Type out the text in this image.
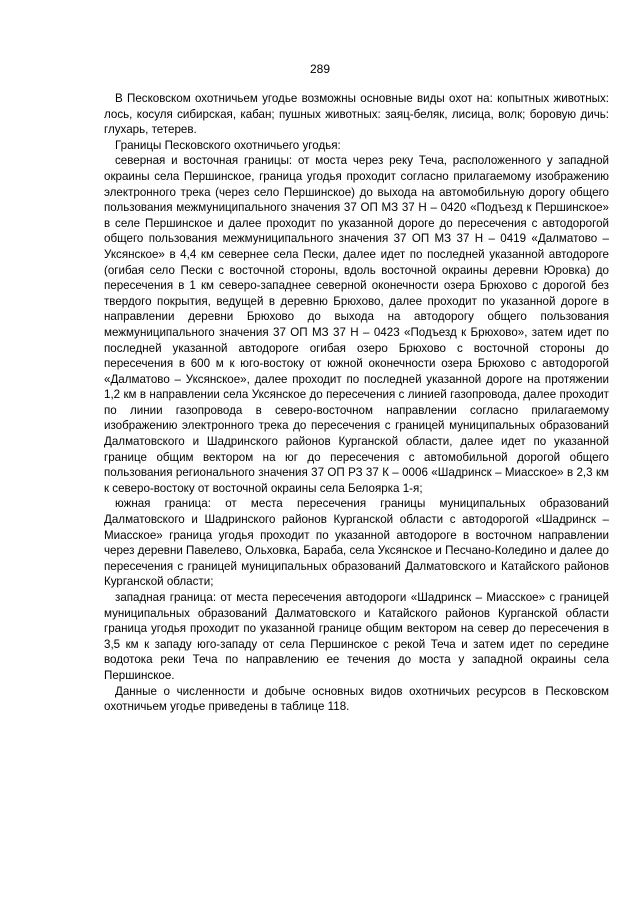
289

В Песковском охотничьем угодье возможны основные виды охот на: копытных животных: лось, косуля сибирская, кабан; пушных животных: заяц-беляк, лисица, волк; боровую дичь: глухарь, тетерев.

Границы Песковского охотничьего угодья:

северная и восточная границы: от моста через реку Теча, расположенного у западной окраины села Першинское, граница угодья проходит согласно прилагаемому изображению электронного трека (через село Першинское) до выхода на автомобильную дорогу общего пользования межмуниципального значения 37 ОП МЗ 37 Н – 0420 «Подъезд к Першинское» в селе Першинское и далее проходит по указанной дороге до пересечения с автодорогой общего пользования межмуниципального значения 37 ОП МЗ 37 Н – 0419 «Далматово – Уксянское» в 4,4 км севернее села Пески, далее идет по последней указанной автодороге (огибая село Пески с восточной стороны, вдоль восточной окраины деревни Юровка) до пересечения в 1 км северо-западнее северной оконечности озера Брюхово с дорогой без твердого покрытия, ведущей в деревню Брюхово, далее проходит по указанной дороге в направлении деревни Брюхово до выхода на автодорогу общего пользования межмуниципального значения 37 ОП МЗ 37 Н – 0423 «Подъезд к Брюхово», затем идет по последней указанной автодороге огибая озеро Брюхово с восточной стороны до пересечения в 600 м к юго-востоку от южной оконечности озера Брюхово с автодорогой «Далматово – Уксянское», далее проходит по последней указанной дороге на протяжении 1,2 км в направлении села Уксянское до пересечения с линией газопровода, далее проходит по линии газопровода в северо-восточном направлении согласно прилагаемому изображению электронного трека до пересечения с границей муниципальных образований Далматовского и Шадринского районов Курганской области, далее идет по указанной границе общим вектором на юг до пересечения с автомобильной дорогой общего пользования регионального значения 37 ОП РЗ 37 К – 0006 «Шадринск – Миасское» в 2,3 км к северо-востоку от восточной окраины села Белоярка 1-я;

южная граница: от места пересечения границы муниципальных образований Далматовского и Шадринского районов Курганской области с автодорогой «Шадринск – Миасское» граница угодья проходит по указанной автодороге в восточном направлении через деревни Павелево, Ольховка, Бараба, села Уксянское и Песчано-Коледино и далее до пересечения с границей муниципальных образований Далматовского и Катайского районов Курганской области;

западная граница: от места пересечения автодороги «Шадринск – Миасское» с границей муниципальных образований Далматовского и Катайского районов Курганской области граница угодья проходит по указанной границе общим вектором на север до пересечения в 3,5 км к западу юго-западу от села Першинское с рекой Теча и затем идет по середине водотока реки Теча по направлению ее течения до моста у западной окраины села Першинское.

Данные о численности и добыче основных видов охотничьих ресурсов в Песковском охотничьем угодье приведены в таблице 118.
